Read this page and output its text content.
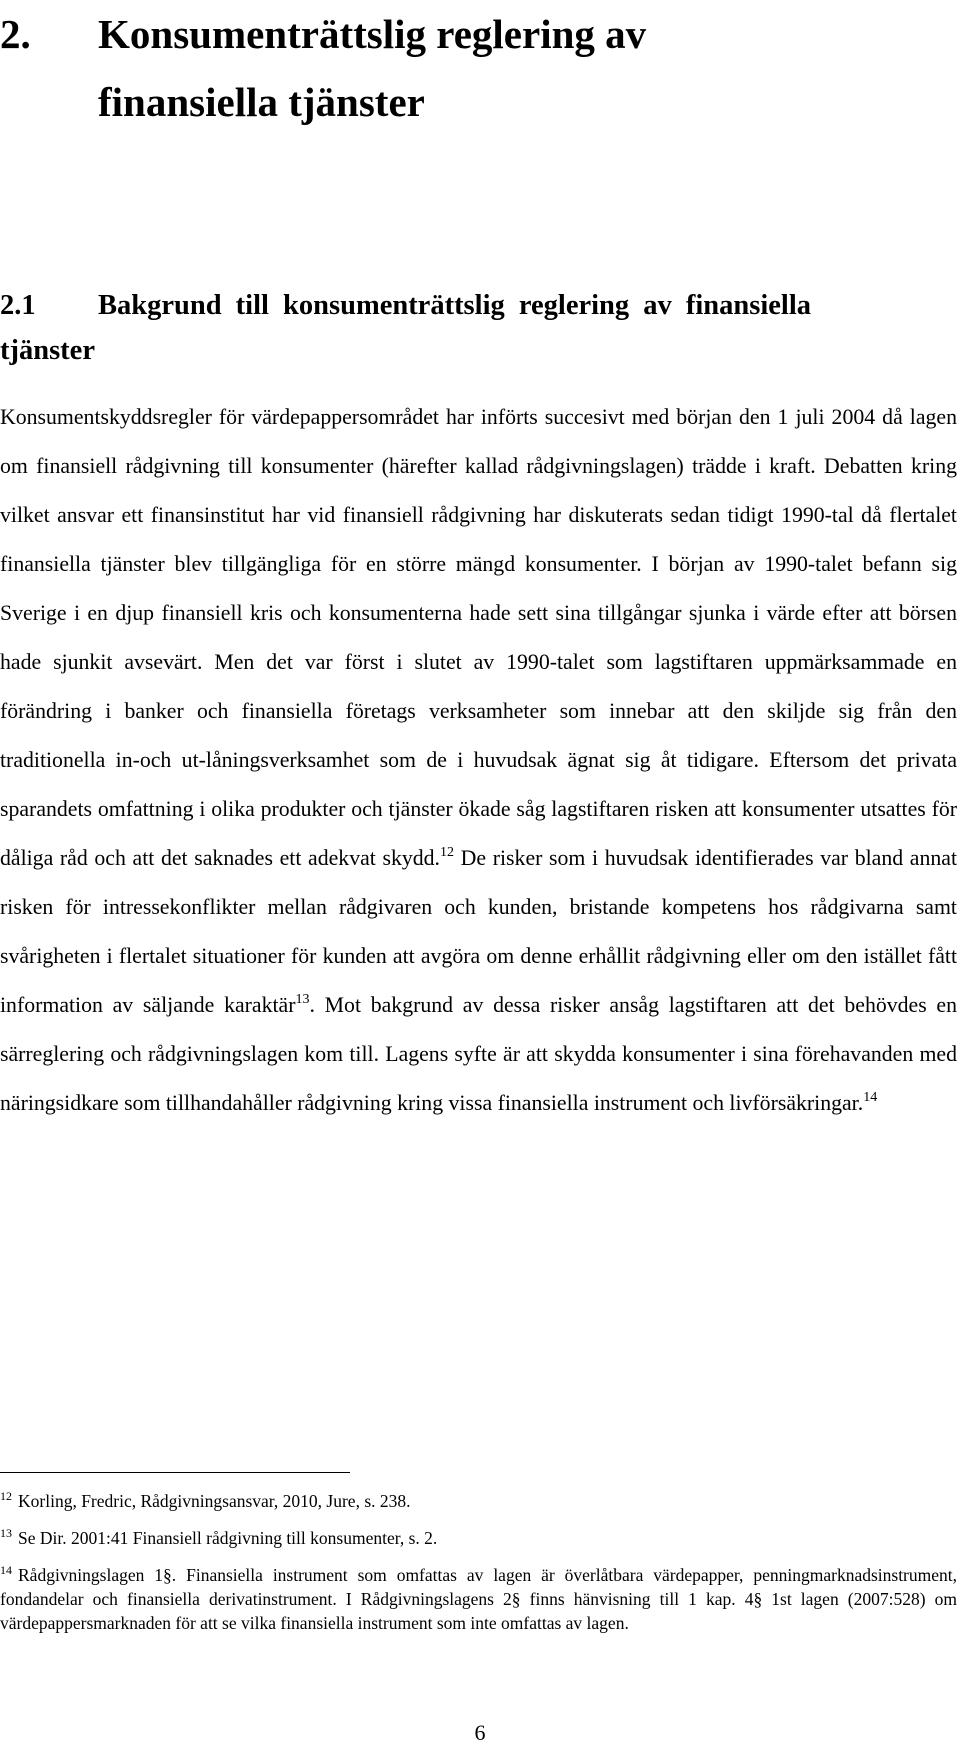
2. Konsumenträttslig reglering av
finansiella tjänster
2.1 Bakgrund till konsumenträttslig reglering av finansiella
tjänster

Konsumentskyddsregler för värdepappersområdet har införts succesivt med början den 1 juli 2004 då lagen om finansiell rådgivning till konsumenter (härefter kallad rådgivningslagen) trädde i kraft. Debatten kring vilket ansvar ett finansinstitut har vid finansiell rådgivning har diskuterats sedan tidigt 1990-tal då flertalet finansiella tjänster blev tillgängliga för en större mängd konsumenter. I början av 1990-talet befann sig Sverige i en djup finansiell kris och konsumenterna hade sett sina tillgångar sjunka i värde efter att börsen hade sjunkit avsevärt. Men det var först i slutet av 1990-talet som lagstiftaren uppmärksammade en förändring i banker och finansiella företags verksamheter som innebar att den skiljde sig från den traditionella in-och ut-låningsverksamhet som de i huvudsak ägnat sig åt tidigare. Eftersom det privata sparandets omfattning i olika produkter och tjänster ökade såg lagstiftaren risken att konsumenter utsattes för dåliga råd och att det saknades ett adekvat skydd.$^{12}$ De risker som i huvudsak identifierades var bland annat risken för intressekonflikter mellan rådgivaren och kunden, bristande kompetens hos rådgivarna samt svårigheten i flertalet situationer för kunden att avgöra om denne erhållit rådgivning eller om den istället fått information av säljande karaktär$^{13}$. Mot bakgrund av dessa risker ansåg lagstiftaren att det behövdes en särreglering och rådgivningslagen kom till. Lagens syfte är att skydda konsumenter i sina förehavanden med näringsidkare som tillhandahåller rådgivning kring vissa finansiella instrument och livförsäkringar.$^{14}$

$^{12}$ Korling, Fredric, Rådgivningsansvar, 2010, Jure, s. 238.

$^{13}$ Se Dir. 2001:41 Finansiell rådgivning till konsumenter, s. 2.

$^{14}$ Rådgivningslagen 1§. Finansiella instrument som omfattas av lagen är överlåtbara värdepapper, penningmarknadsinstrument, fondandelar och finansiella derivatinstrument. I Rådgivningslagens 2§ finns hänvisning till 1 kap. 4§ 1st lagen (2007:528) om värdepappersmarknaden för att se vilka finansiella instrument som inte omfattas av lagen.

6
